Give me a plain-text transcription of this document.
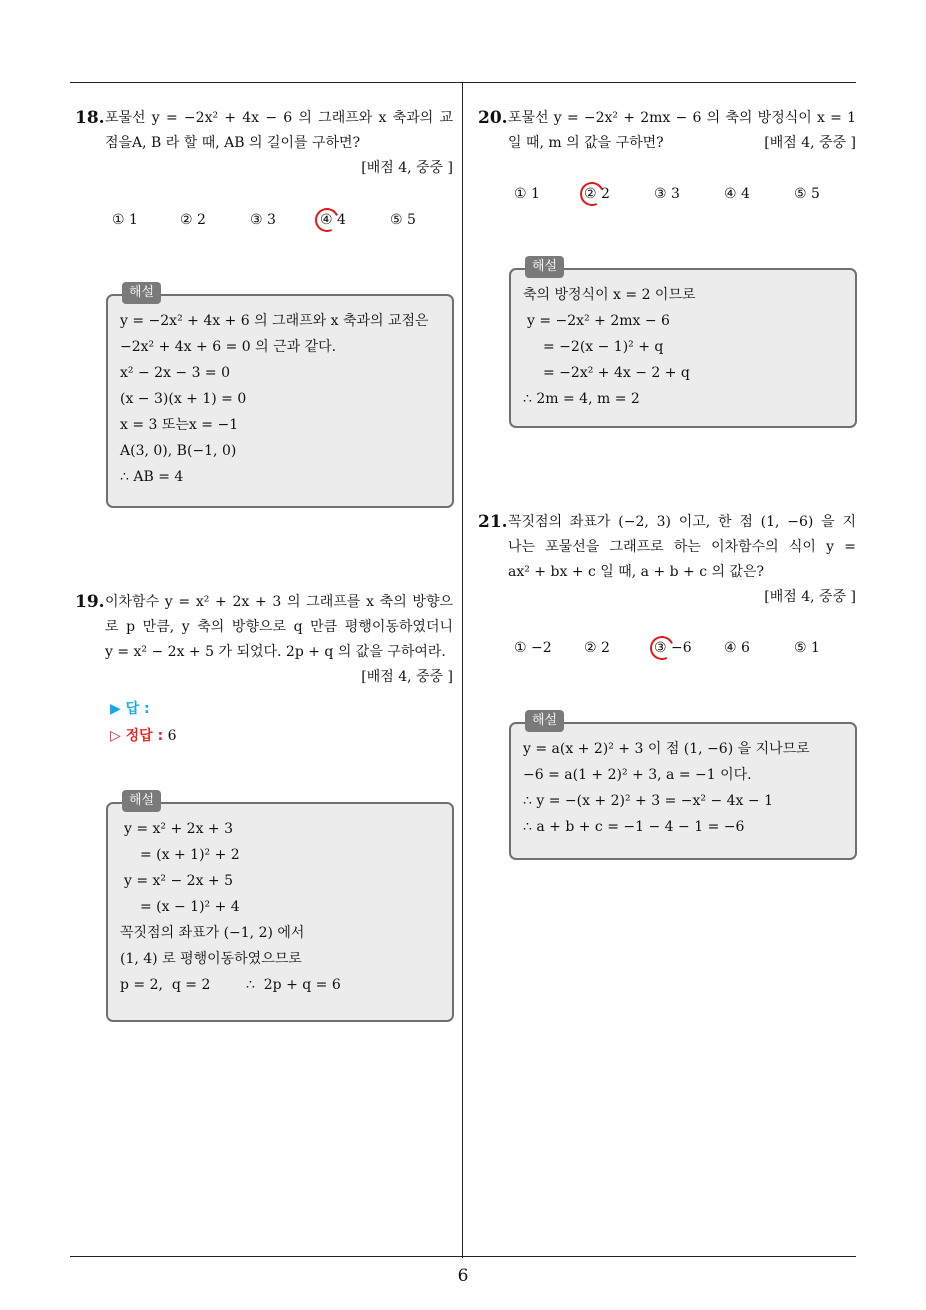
18. 포물선 y = −2x² + 4x − 6 의 그래프와 x 축과의 교
점을A, B 라 할 때, AB 의 길이를 구하면?
[배점 4, 중중 ]
① 1	② 2	③ 3	④ 4	⑤ 5
해설
y = −2x² + 4x + 6 의 그래프와 x 축과의 교점은
−2x² + 4x + 6 = 0 의 근과 같다.
x² − 2x − 3 = 0
(x − 3)(x + 1) = 0
x = 3 또는x = −1
A(3, 0), B(−1, 0)
∴ AB = 4
19. 이차함수 y = x² + 2x + 3 의 그래프를 x 축의 방향으
로 p 만큼, y 축의 방향으로 q 만큼 평행이동하였더니
y = x² − 2x + 5 가 되었다. 2p + q 의 값을 구하여라.
[배점 4, 중중 ]
▶ 답 :
▷ 정답 : 6
해설
y = x² + 2x + 3
= (x + 1)² + 2
y = x² − 2x + 5
= (x − 1)² + 4
꼭짓점의 좌표가 (−1, 2) 에서
(1, 4) 로 평행이동하였으므로
p = 2,  q = 2        ∴  2p + q = 6
20. 포물선 y = −2x² + 2mx − 6 의 축의 방정식이 x = 1
일 때, m 의 값을 구하면?	[배점 4, 중중 ]
① 1	② 2	③ 3	④ 4	⑤ 5
해설
축의 방정식이 x = 2 이므로
y = −2x² + 2mx − 6
= −2(x − 1)² + q
= −2x² + 4x − 2 + q
∴ 2m = 4, m = 2
21. 꼭짓점의 좌표가 (−2, 3) 이고, 한 점 (1, −6) 을 지
나는 포물선을 그래프로 하는 이차함수의 식이 y =
ax² + bx + c 일 때, a + b + c 의 값은?
[배점 4, 중중 ]
① −2 ② 2	③ −6 ④ 6	⑤ 1
해설
y = a(x + 2)² + 3 이 점 (1, −6) 을 지나므로
−6 = a(1 + 2)² + 3, a = −1 이다.
∴ y = −(x + 2)² + 3 = −x² − 4x − 1
∴ a + b + c = −1 − 4 − 1 = −6
6
